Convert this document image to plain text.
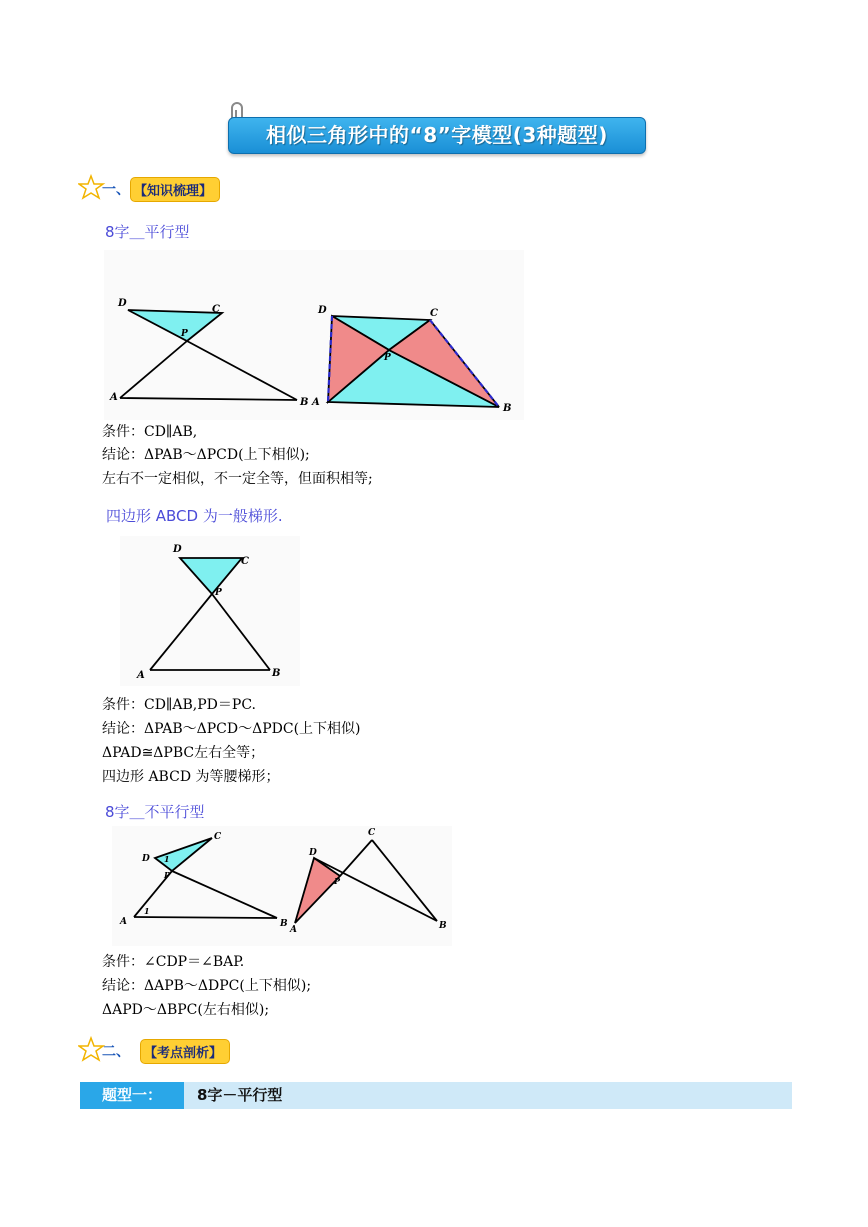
相似三角形中的“8”字模型(3种题型)
一、 【知识梳理】
8字＿平行型
D
C
P
A	B
D	C
P
A
B
条件：CD∥AB,
结论：ΔPAB～ΔPCD(上下相似);
左右不一定相似，不一定全等，但面积相等;
四边形 ABCD 为一般梯形.
D
C
P
A	B
条件：CD∥AB,PD＝PC.
结论：ΔPAB～ΔPCD～ΔPDC(上下相似)
ΔPAD≅ΔPBC左右全等；
四边形 ABCD 为等腰梯形；
8字＿不平行型
D
C
P
A	B
1
1
D
C
P
A	B
条件：∠CDP＝∠BAP.
结论：ΔAPB～ΔDPC(上下相似);
ΔAPD～ΔBPC(左右相似);
二、	【考点剖析】
题型一：	8字－平行型
